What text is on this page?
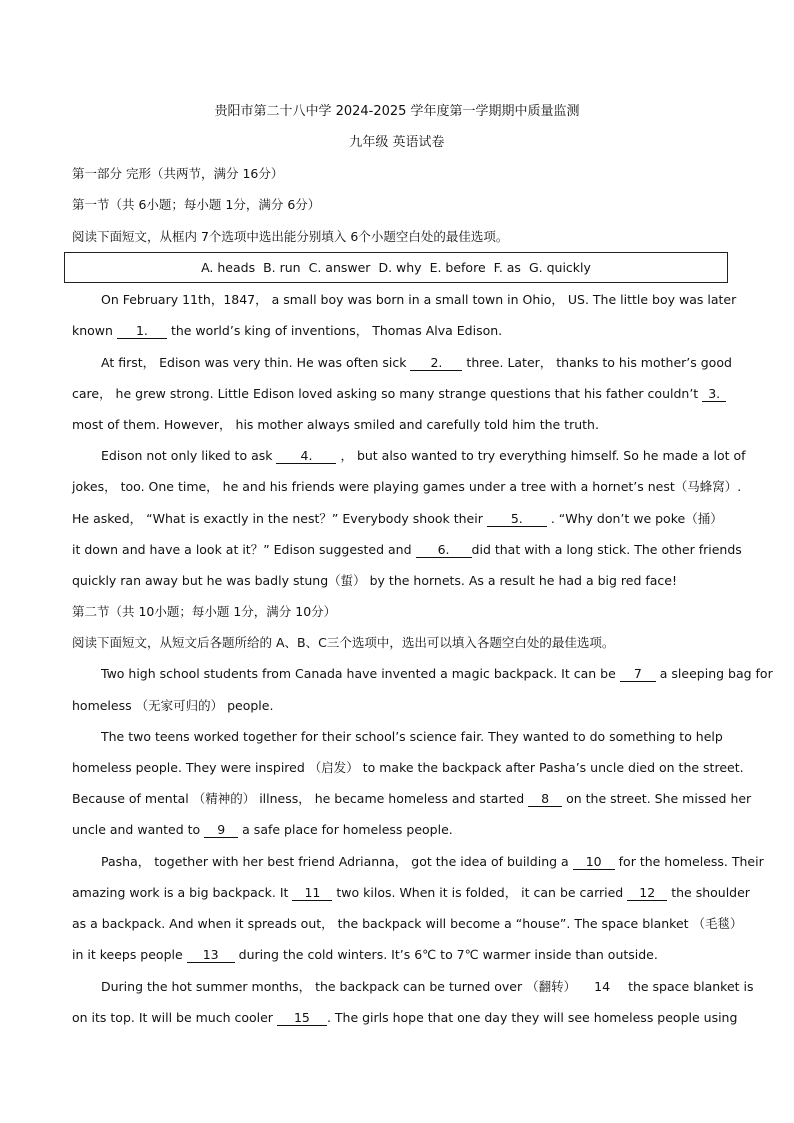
贵阳市第二十八中学 2024-2025 学年度第一学期期中质量监测
九年级 英语试卷
第一部分 完形（共两节，满分 16分）
第一节（共 6小题；每小题 1分，满分 6分）
阅读下面短文，从框内 7个选项中选出能分别填入 6个小题空白处的最佳选项。
A. heads B. run C. answer D. why E. before F. as G. quickly
On February 11th，1847， a small boy was born in a small town in Ohio， US. The little boy was later
known 1. the world’s king of inventions， Thomas Alva Edison.
At first， Edison was very thin. He was often sick 2. three. Later， thanks to his mother’s good
care， he grew strong. Little Edison loved asking so many strange questions that his father couldn’t 3.
most of them. However， his mother always smiled and carefully told him the truth.
Edison not only liked to ask 4. ， but also wanted to try everything himself. So he made a lot of
jokes， too. One time， he and his friends were playing games under a tree with a hornet’s nest（马蜂窝）.
He asked， “What is exactly in the nest？” Everybody shook their 5. . “Why don’t we poke（捅）
it down and have a look at it？” Edison suggested and 6. did that with a long stick. The other friends
quickly ran away but he was badly stung（蜇） by the hornets. As a result he had a big red face!
第二节（共 10小题；每小题 1分，满分 10分）
阅读下面短文，从短文后各题所给的 A、B、C三个选项中，选出可以填入各题空白处的最佳选项。
Two high school students from Canada have invented a magic backpack. It can be 7 a sleeping bag for
homeless （无家可归的） people.
The two teens worked together for their school’s science fair. They wanted to do something to help
homeless people. They were inspired （启发） to make the backpack after Pasha’s uncle died on the street.
Because of mental （精神的） illness， he became homeless and started 8 on the street. She missed her
uncle and wanted to 9 a safe place for homeless people.
Pasha， together with her best friend Adrianna， got the idea of building a 10 for the homeless. Their
amazing work is a big backpack. It 11 two kilos. When it is folded， it can be carried 12 the shoulder
as a backpack. And when it spreads out， the backpack will become a “house”. The space blanket （毛毯）
in it keeps people 13 during the cold winters. It’s 6℃ to 7℃ warmer inside than outside.
During the hot summer months， the backpack can be turned over （翻转） 14 the space blanket is
on its top. It will be much cooler 15 . The girls hope that one day they will see homeless people using
